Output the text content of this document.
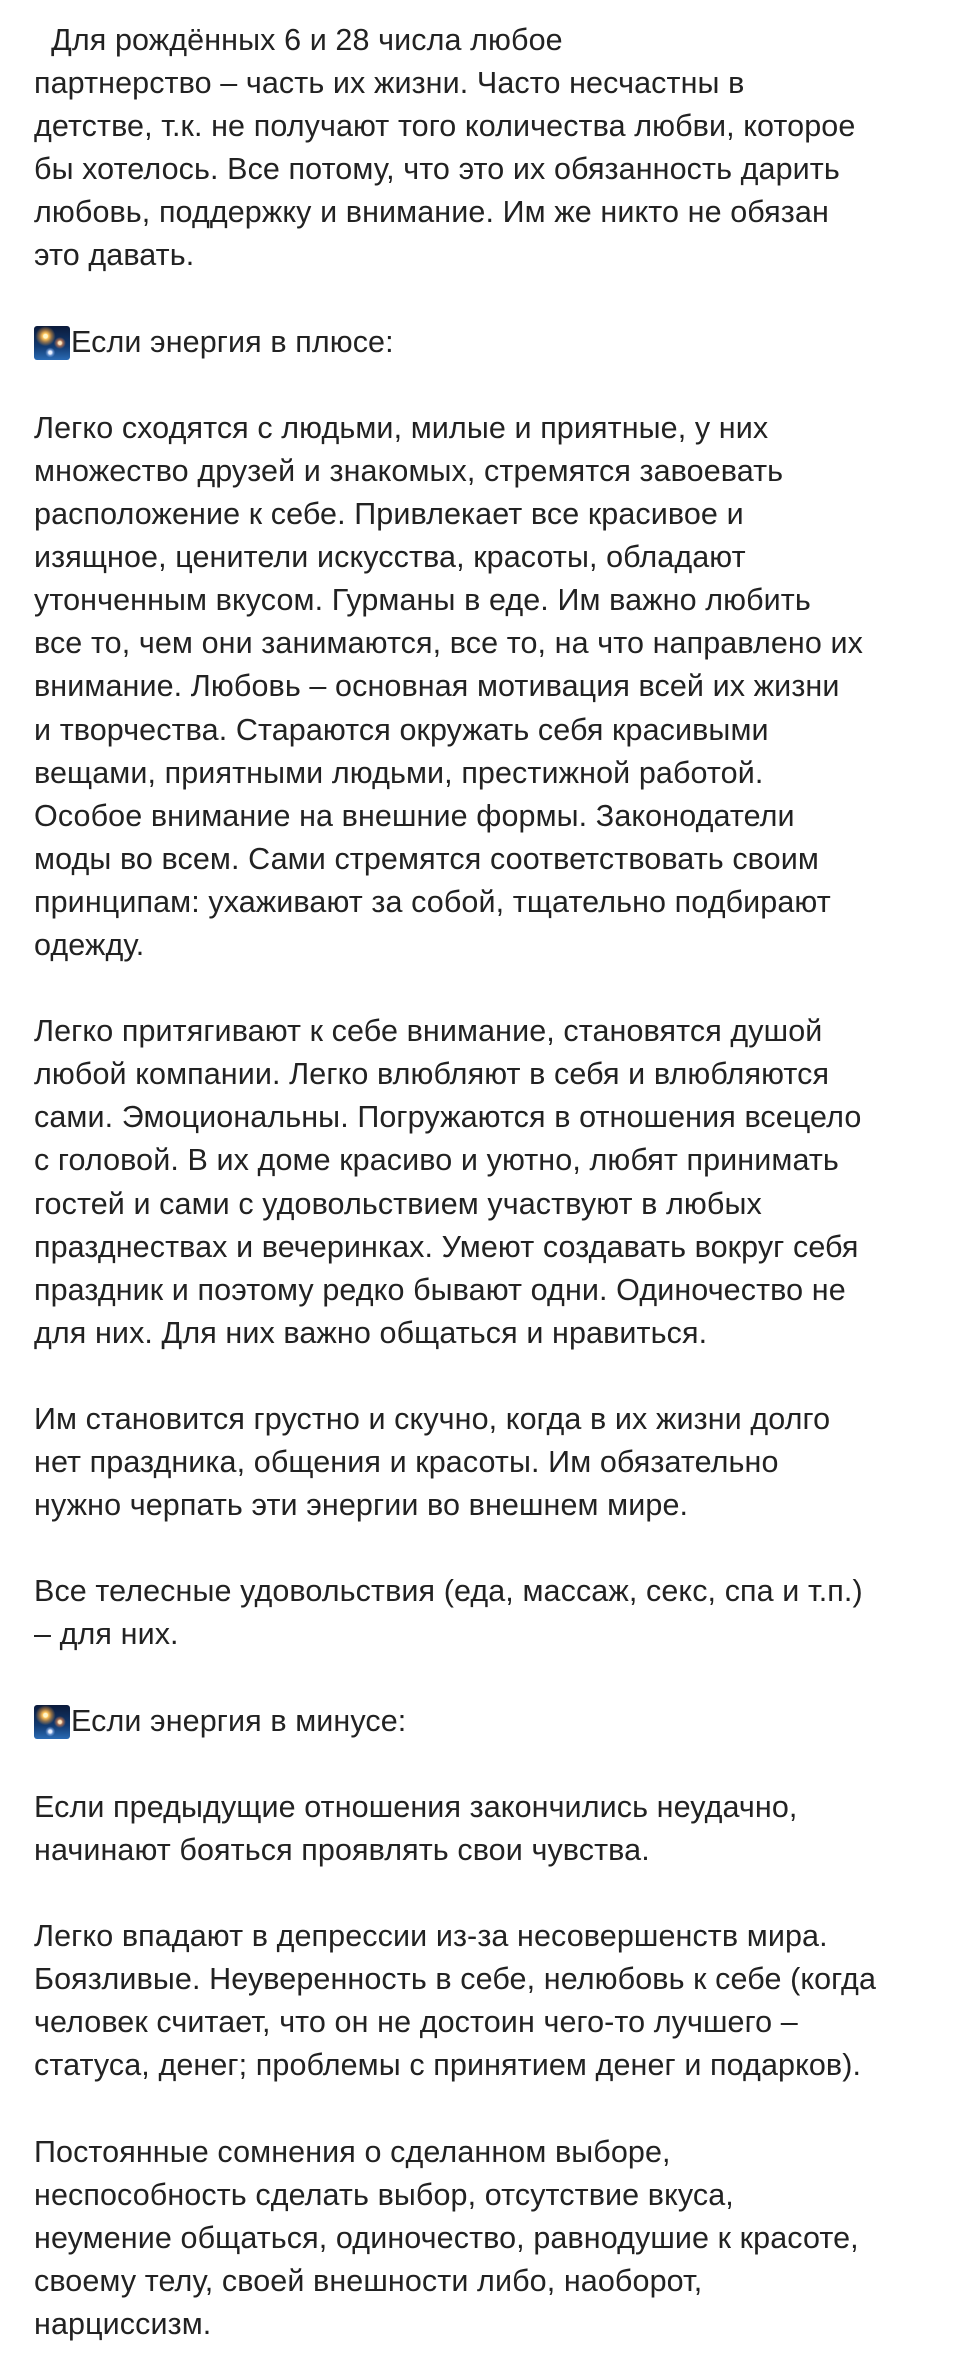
Для рождённых 6 и 28 числа любое
партнерство – часть их жизни. Часто несчастны в
детстве, т.к. не получают того количества любви, которое
бы хотелось. Все потому, что это их обязанность дарить
любовь, поддержку и внимание. Им же никто не обязан
это давать.
Если энергия в плюсе:
Легко сходятся с людьми, милые и приятные, у них
множество друзей и знакомых, стремятся завоевать
расположение к себе. Привлекает все красивое и
изящное, ценители искусства, красоты, обладают
утонченным вкусом. Гурманы в еде. Им важно любить
все то, чем они занимаются, все то, на что направлено их
внимание. Любовь – основная мотивация всей их жизни
и творчества. Стараются окружать себя красивыми
вещами, приятными людьми, престижной работой.
Особое внимание на внешние формы. Законодатели
моды во всем. Сами стремятся соответствовать своим
принципам: ухаживают за собой, тщательно подбирают
одежду.
Легко притягивают к себе внимание, становятся душой
любой компании. Легко влюбляют в себя и влюбляются
сами. Эмоциональны. Погружаются в отношения всецело
с головой. В их доме красиво и уютно, любят принимать
гостей и сами с удовольствием участвуют в любых
празднествах и вечеринках. Умеют создавать вокруг себя
праздник и поэтому редко бывают одни. Одиночество не
для них. Для них важно общаться и нравиться.
Им становится грустно и скучно, когда в их жизни долго
нет праздника, общения и красоты. Им обязательно
нужно черпать эти энергии во внешнем мире.
Все телесные удовольствия (еда, массаж, секс, спа и т.п.)
– для них.
Если энергия в минусе:
Если предыдущие отношения закончились неудачно,
начинают бояться проявлять свои чувства.
Легко впадают в депрессии из-за несовершенств мира.
Боязливые. Неуверенность в себе, нелюбовь к себе (когда
человек считает, что он не достоин чего-то лучшего –
статуса, денег; проблемы с принятием денег и подарков).
Постоянные сомнения о сделанном выборе,
неспособность сделать выбор, отсутствие вкуса,
неумение общаться, одиночество, равнодушие к красоте,
своему телу, своей внешности либо, наоборот,
нарциссизм.
